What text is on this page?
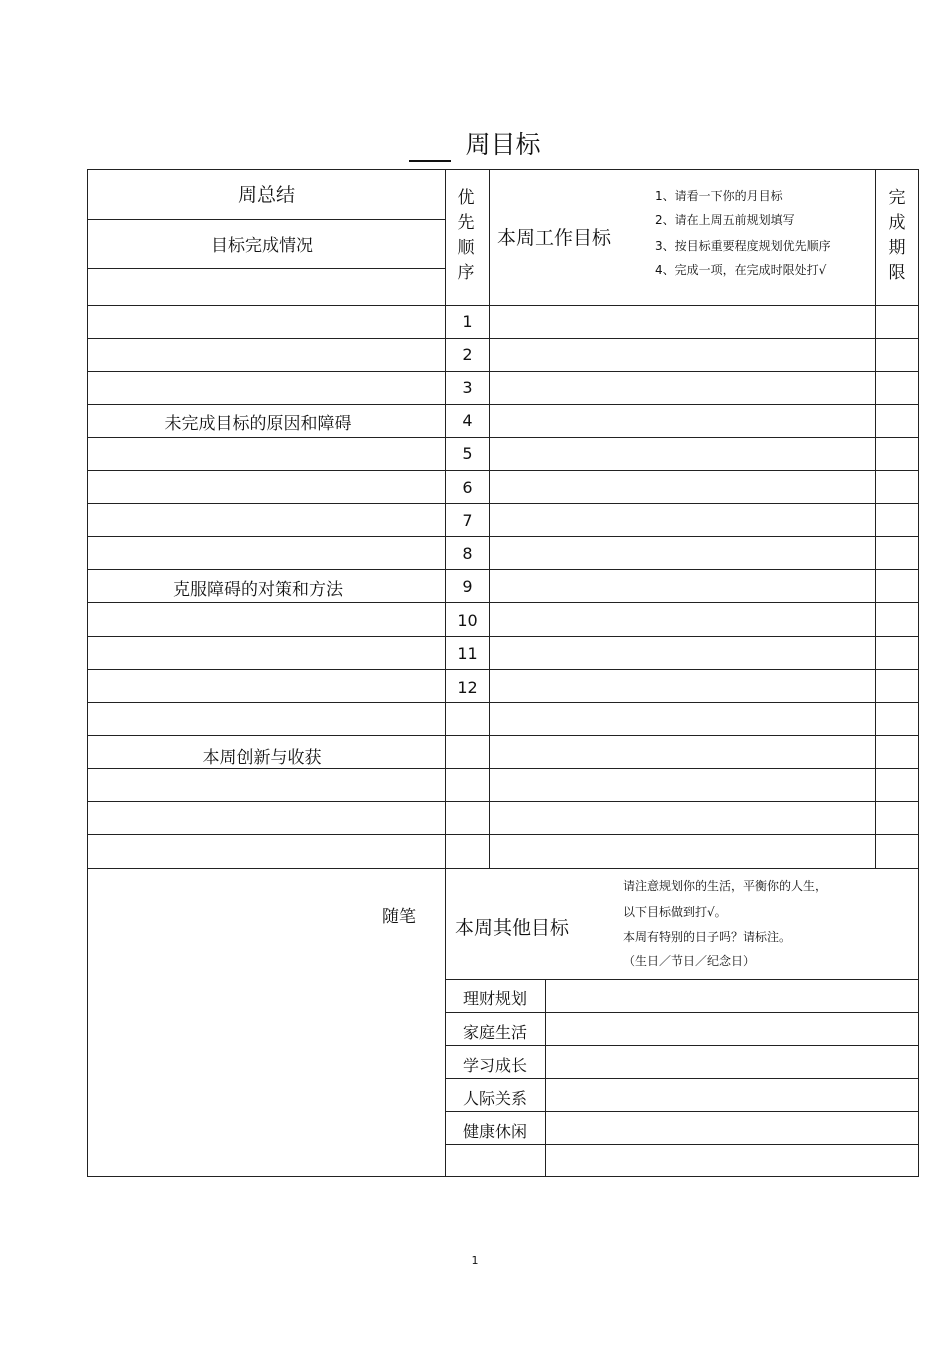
周目标
周总结
目标完成情况
未完成目标的原因和障碍
克服障碍的对策和方法
本周创新与收获
随笔
优
先
顺
序
本周工作目标
1、请看一下你的月目标
2、请在上周五前规划填写
3、按目标重要程度规划优先顺序
4、完成一项，在完成时限处打√
完
成
期
限
1
2
3
4
5
6
7
8
9
10
11
12
本周其他目标
请注意规划你的生活，平衡你的人生，
以下目标做到打√。
本周有特别的日子吗？请标注。
（生日／节日／纪念日）
理财规划
家庭生活
学习成长
人际关系
健康休闲
1
